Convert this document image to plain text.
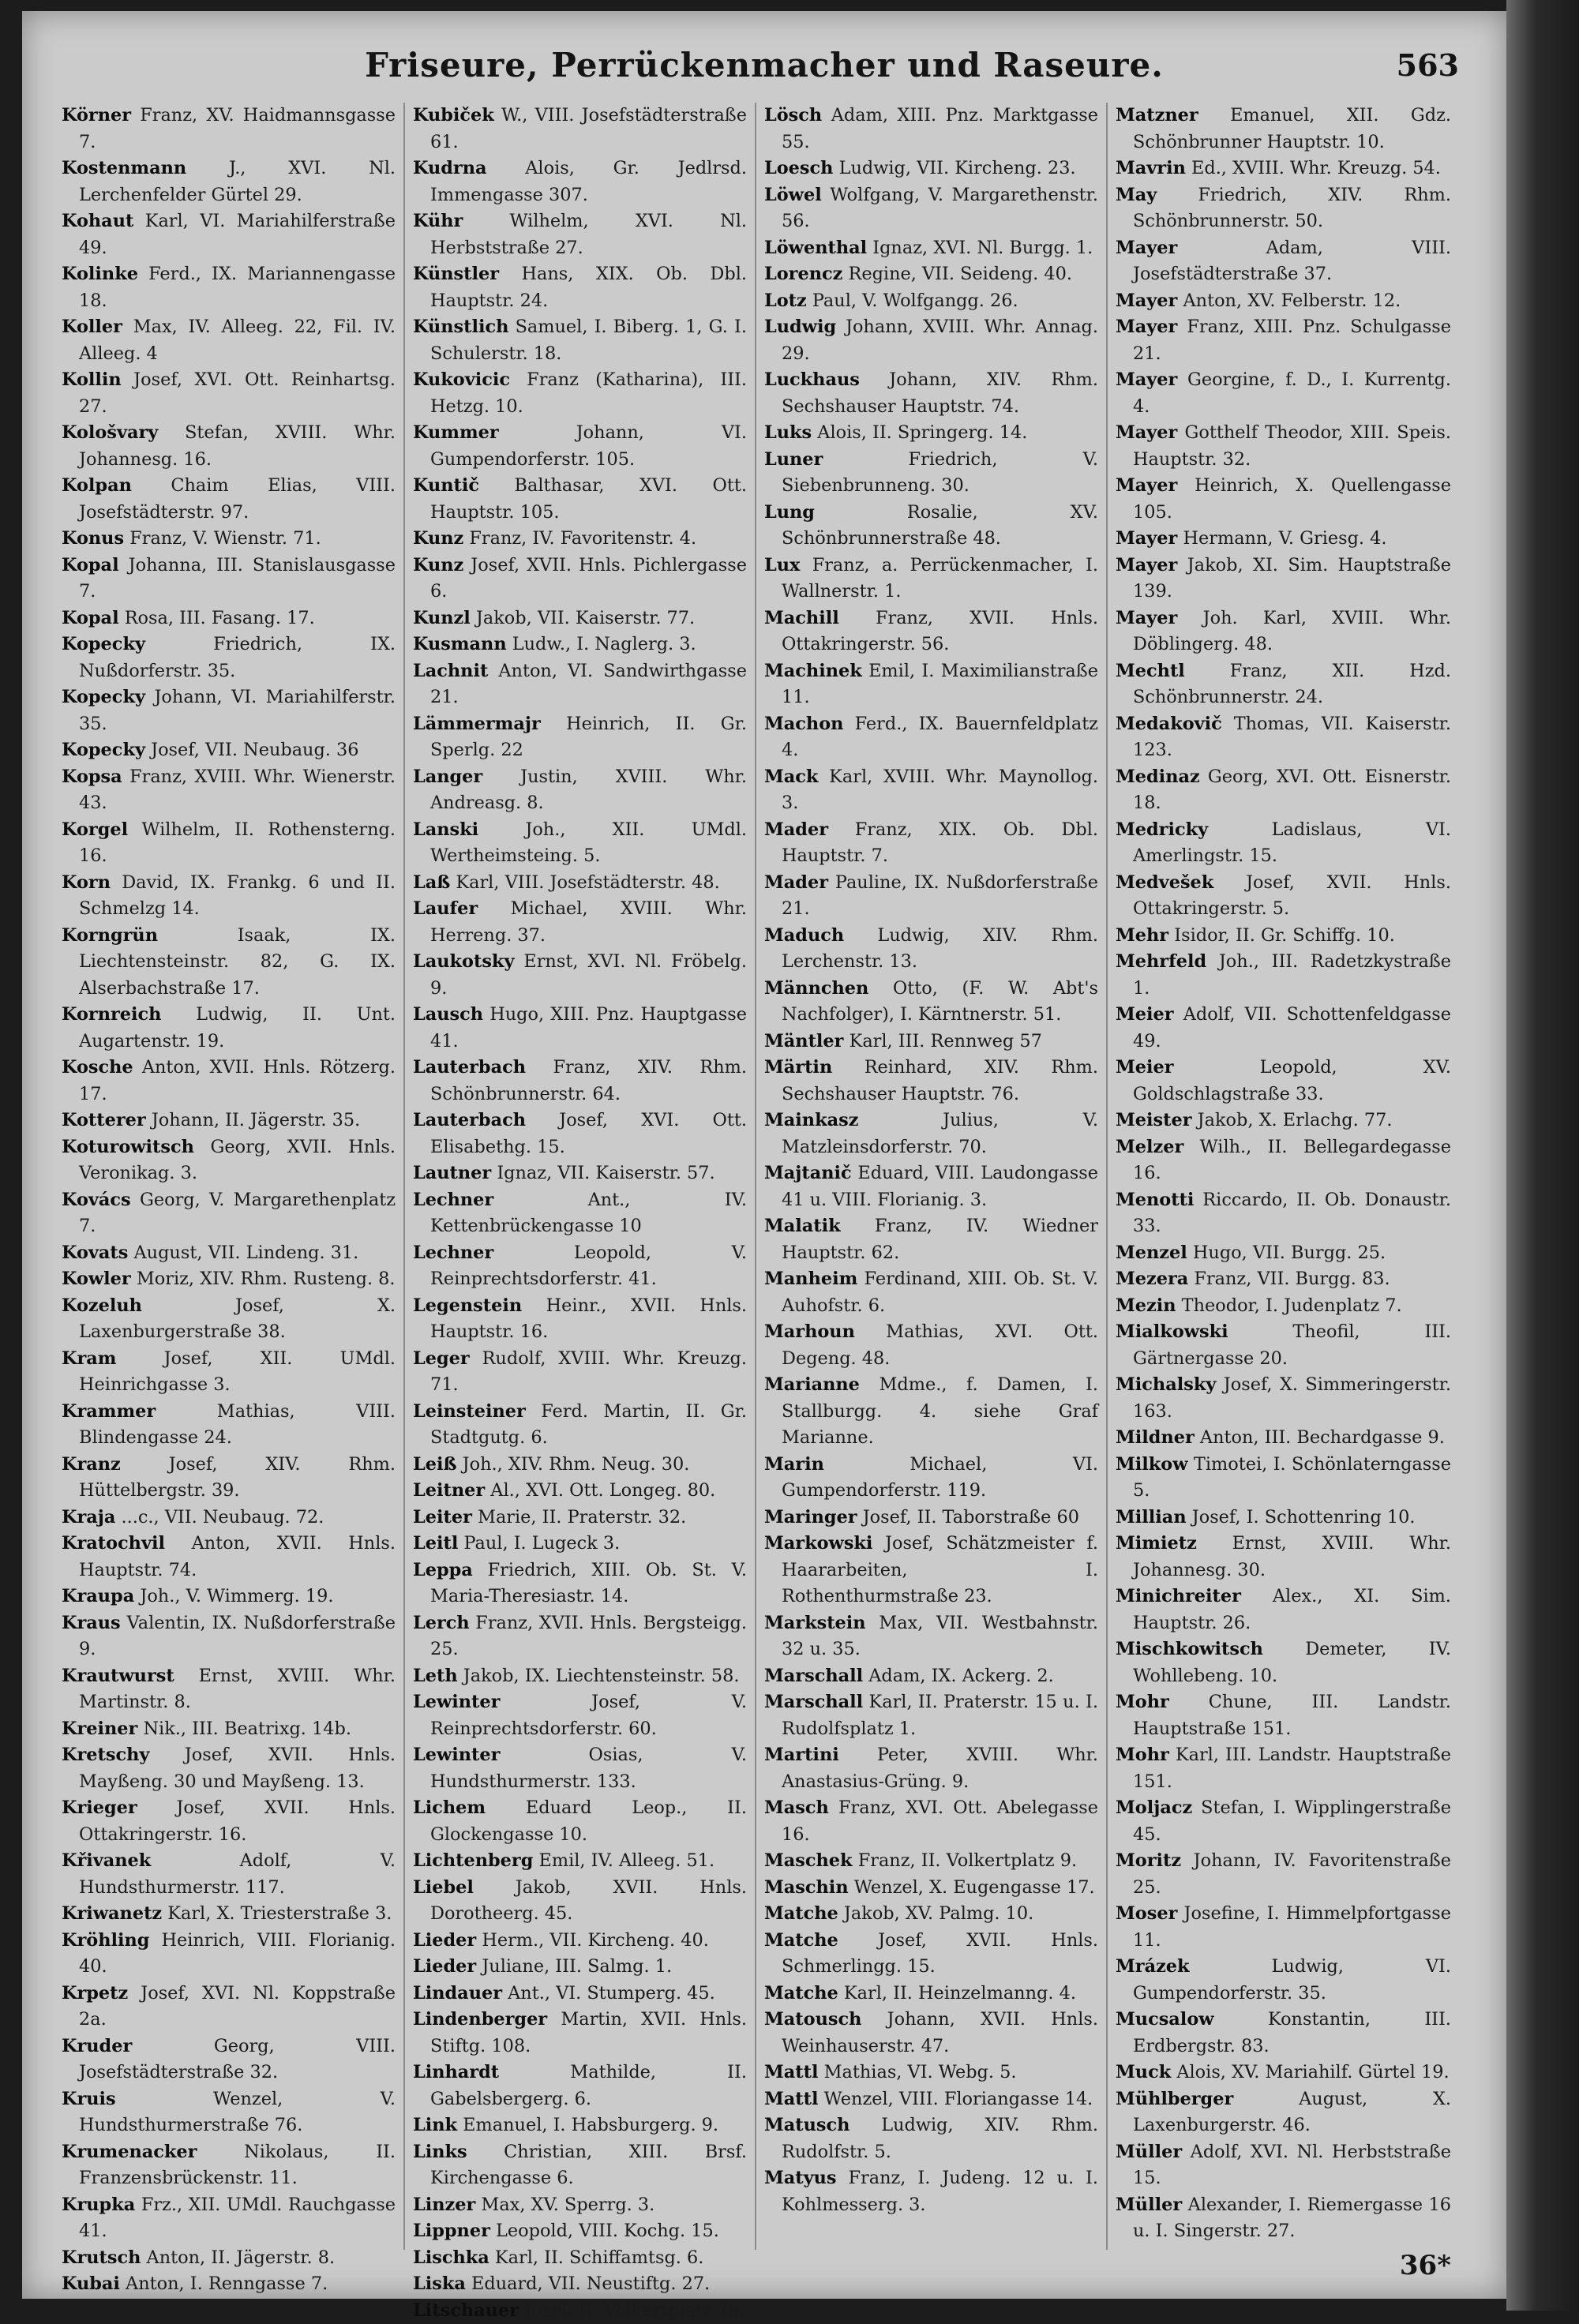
Friseure, Perrückenmacher und Raseure.	563

Körner Franz, XV. Haidmannsgasse 7.

Kostenmann J., XVI. Nl. Lerchenfelder Gürtel 29.

Kohaut Karl, VI. Mariahilferstraße 49.

Kolinke Ferd., IX. Mariannengasse 18.

Koller Max, IV. Alleeg. 22, Fil. IV. Alleeg. 4

Kollin Josef, XVI. Ott. Reinhartsg. 27.

Kološvary Stefan, XVIII. Whr. Johannesg. 16.

Kolpan Chaim Elias, VIII. Josefstädterstr. 97.

Konus Franz, V. Wienstr. 71.

Kopal Johanna, III. Stanislausgasse 7.

Kopal Rosa, III. Fasang. 17.

Kopecky	Friedrich, IX. Nußdorferstr. 35.

Kopecky Johann, VI. Mariahilferstr. 35.

Kopecky Josef, VII. Neubaug. 36

Kopsa Franz, XVIII. Whr. Wienerstr. 43.

Korgel Wilhelm, II. Rothensterng. 16.

Korn David, IX. Frankg. 6 und II. Schmelzg 14.

Korngrün	Isaak, IX. Liechtensteinstr. 82, G. IX. Alserbachstraße 17.

Kornreich Ludwig, II. Unt. Augartenstr. 19.

Kosche Anton, XVII. Hnls. Rötzerg. 17.

Kotterer Johann, II. Jägerstr. 35.

Koturowitsch Georg, XVII. Hnls. Veronikag. 3.

Kovács Georg, V. Margarethenplatz 7.

Kovats August, VII. Lindeng. 31.

Kowler Moriz, XIV. Rhm. Rusteng. 8.

Kozeluh	Josef, X. Laxenburgerstraße 38.

Kram	Josef, XII. UMdl. Heinrichgasse 3.

Krammer	Mathias, VIII. Blindengasse 24.

Kranz	Josef, XIV. Rhm. Hüttelbergstr. 39.

Kraja ...c., VII. Neubaug. 72.

Kratochvil Anton, XVII. Hnls. Hauptstr. 74.

Kraupa Joh., V. Wimmerg. 19.

Kraus Valentin, IX. Nußdorferstraße 9.

Krautwurst Ernst, XVIII. Whr. Martinstr. 8.

Kreiner Nik., III. Beatrixg. 14b.

Kretschy Josef, XVII. Hnls. Mayßeng. 30 und Mayßeng. 13.

Krieger Josef, XVII. Hnls. Ottakringerstr. 16.

Křivanek	Adolf, V. Hundsthurmerstr. 117.

Kriwanetz Karl, X. Triesterstraße 3.

Kröhling Heinrich, VIII. Florianig. 40.

Krpetz Josef, XVI. Nl. Koppstraße 2a.

Kruder	Georg, VIII. Josefstädterstraße 32.

Kruis	Wenzel, V. Hundsthurmerstraße 76.

Krumenacker	Nikolaus, II. Franzensbrückenstr. 11.

Krupka Frz., XII. UMdl. Rauchgasse 41.

Krutsch Anton, II. Jägerstr. 8.

Kubai Anton, I. Renngasse 7.

Kubiček W., VIII. Josefstädterstraße 61.

Kudrna Alois, Gr. Jedlrsd. Immengasse 307.

Kühr	Wilhelm, XVI. Nl. Herbststraße 27.

Künstler Hans, XIX. Ob. Dbl. Hauptstr. 24.

Künstlich Samuel, I. Biberg. 1, G. I. Schulerstr. 18.

Kukovicic Franz (Katharina), III. Hetzg. 10.

Kummer	Johann, VI. Gumpendorferstr. 105.

Kuntič Balthasar, XVI. Ott. Hauptstr. 105.

Kunz Franz, IV. Favoritenstr. 4.

Kunz Josef, XVII. Hnls. Pichlergasse 6.

Kunzl Jakob, VII. Kaiserstr. 77.

Kusmann Ludw., I. Naglerg. 3.

Lachnit Anton, VI. Sandwirthgasse 21.

Lämmermajr Heinrich, II. Gr. Sperlg. 22

Langer Justin, XVIII. Whr. Andreasg. 8.

Lanski	Joh., XII. UMdl. Wertheimsteing. 5.

Laß Karl, VIII. Josefstädterstr. 48.

Laufer Michael, XVIII. Whr. Herreng. 37.

Laukotsky Ernst, XVI. Nl. Fröbelg. 9.

Lausch Hugo, XIII. Pnz. Hauptgasse 41.

Lauterbach Franz, XIV. Rhm. Schönbrunnerstr. 64.

Lauterbach Josef, XVI. Ott. Elisabethg. 15.

Lautner Ignaz, VII. Kaiserstr. 57.

Lechner	Ant., IV. Kettenbrückengasse 10

Lechner	Leopold, V. Reinprechtsdorferstr. 41.

Legenstein Heinr., XVII. Hnls. Hauptstr. 16.

Leger Rudolf, XVIII. Whr. Kreuzg. 71.

Leinsteiner Ferd. Martin, II. Gr. Stadtgutg. 6.

Leiß Joh., XIV. Rhm. Neug. 30.

Leitner Al., XVI. Ott. Longeg. 80.

Leiter Marie, II. Praterstr. 32.

Leitl Paul, I. Lugeck 3.

Leppa Friedrich, XIII. Ob. St. V. Maria-Theresiastr. 14.

Lerch Franz, XVII. Hnls. Bergsteigg. 25.

Leth Jakob, IX. Liechtensteinstr. 58.

Lewinter	Josef, V. Reinprechtsdorferstr. 60.

Lewinter	Osias, V. Hundsthurmerstr. 133.

Lichem Eduard Leop., II. Glockengasse 10.

Lichtenberg Emil, IV. Alleeg. 51.

Liebel Jakob, XVII. Hnls. Dorotheerg. 45.

Lieder Herm., VII. Kircheng. 40.

Lieder Juliane, III. Salmg. 1.

Lindauer Ant., VI. Stumperg. 45.

Lindenberger Martin, XVII. Hnls. Stiftg. 108.

Linhardt	Mathilde, II. Gabelsbergerg. 6.

Link Emanuel, I. Habsburgerg. 9.

Links Christian, XIII. Brsf. Kirchengasse 6.

Linzer Max, XV. Sperrg. 3.

Lippner Leopold, VIII. Kochg. 15.

Lischka Karl, II. Schiffamtsg. 6.

Liska Eduard, VII. Neustiftg. 27.

Litschauer Josef, II. Volkertplatz 7a.

Lösch Adam, XIII. Pnz. Marktgasse 55.

Loesch Ludwig, VII. Kircheng. 23.

Löwel Wolfgang, V. Margarethenstr. 56.

Löwenthal Ignaz, XVI. Nl. Burgg. 1.

Lorencz Regine, VII. Seideng. 40.

Lotz Paul, V. Wolfgangg. 26.

Ludwig Johann, XVIII. Whr. Annag. 29.

Luckhaus Johann, XIV. Rhm. Sechshauser Hauptstr. 74.

Luks Alois, II. Springerg. 14.

Luner	Friedrich, V. Siebenbrunneng. 30.

Lung	Rosalie, XV. Schönbrunnerstraße 48.

Lux Franz, a. Perrückenmacher, I. Wallnerstr. 1.

Machill Franz, XVII. Hnls. Ottakringerstr. 56.

Machinek Emil, I. Maximilianstraße 11.

Machon Ferd., IX. Bauernfeldplatz 4.

Mack Karl, XVIII. Whr. Maynollog. 3.

Mader Franz, XIX. Ob. Dbl. Hauptstr. 7.

Mader Pauline, IX. Nußdorferstraße 21.

Maduch Ludwig, XIV. Rhm. Lerchenstr. 13.

Männchen Otto, (F. W. Abt's Nachfolger), I. Kärntnerstr. 51.

Mäntler Karl, III. Rennweg 57

Märtin Reinhard, XIV. Rhm. Sechshauser Hauptstr. 76.

Mainkasz	Julius, V. Matzleinsdorferstr. 70.

Majtanič Eduard, VIII. Laudongasse 41 u. VIII. Florianig. 3.

Malatik Franz, IV. Wiedner Hauptstr. 62.

Manheim Ferdinand, XIII. Ob. St. V. Auhofstr. 6.

Marhoun Mathias, XVI. Ott. Degeng. 48.

Marianne Mdme., f. Damen, I. Stallburgg. 4. siehe Graf Marianne.

Marin	Michael, VI. Gumpendorferstr. 119.

Maringer Josef, II. Taborstraße 60

Markowski Josef, Schätzmeister f. Haararbeiten, I. Rothenthurmstraße 23.

Markstein Max, VII. Westbahnstr. 32 u. 35.

Marschall Adam, IX. Ackerg. 2.

Marschall Karl, II. Praterstr. 15 u. I. Rudolfsplatz 1.

Martini Peter, XVIII. Whr. Anastasius-Grüng. 9.

Masch Franz, XVI. Ott. Abelegasse 16.

Maschek Franz, II. Volkertplatz 9.

Maschin Wenzel, X. Eugengasse 17.

Matche Jakob, XV. Palmg. 10.

Matche Josef, XVII. Hnls. Schmerlingg. 15.

Matche Karl, II. Heinzelmanng. 4.

Matousch Johann, XVII. Hnls. Weinhauserstr. 47.

Mattl Mathias, VI. Webg. 5.

Mattl Wenzel, VIII. Floriangasse 14.

Matusch Ludwig, XIV. Rhm. Rudolfstr. 5.

Matyus Franz, I. Judeng. 12 u. I. Kohlmesserg. 3.

Matzner Emanuel, XII. Gdz. Schönbrunner Hauptstr. 10.

Mavrin Ed., XVIII. Whr. Kreuzg. 54.

May Friedrich, XIV. Rhm. Schönbrunnerstr. 50.

Mayer	Adam, VIII. Josefstädterstraße 37.

Mayer Anton, XV. Felberstr. 12.

Mayer Franz, XIII. Pnz. Schulgasse 21.

Mayer Georgine, f. D., I. Kurrentg. 4.

Mayer Gotthelf Theodor, XIII. Speis. Hauptstr. 32.

Mayer Heinrich, X. Quellengasse 105.

Mayer Hermann, V. Griesg. 4.

Mayer Jakob, XI. Sim. Hauptstraße 139.

Mayer Joh. Karl, XVIII. Whr. Döblingerg. 48.

Mechtl	Franz, XII. Hzd. Schönbrunnerstr. 24.

Medakovič Thomas, VII. Kaiserstr. 123.

Medinaz Georg, XVI. Ott. Eisnerstr. 18.

Medricky	Ladislaus, VI. Amerlingstr. 15.

Medvešek Josef, XVII. Hnls. Ottakringerstr. 5.

Mehr Isidor, II. Gr. Schiffg. 10.

Mehrfeld Joh., III. Radetzkystraße 1.

Meier Adolf, VII. Schottenfeldgasse 49.

Meier	Leopold, XV. Goldschlagstraße 33.

Meister Jakob, X. Erlachg. 77.

Melzer Wilh., II. Bellegardegasse 16.

Menotti Riccardo, II. Ob. Donaustr. 33.

Menzel Hugo, VII. Burgg. 25.

Mezera Franz, VII. Burgg. 83.

Mezin Theodor, I. Judenplatz 7.

Mialkowski	Theofil, III. Gärtnergasse 20.

Michalsky Josef, X. Simmeringerstr. 163.

Mildner Anton, III. Bechardgasse 9.

Milkow Timotei, I. Schönlaterngasse 5.

Millian Josef, I. Schottenring 10.

Mimietz Ernst, XVIII. Whr. Johannesg. 30.

Minichreiter Alex., XI. Sim. Hauptstr. 26.

Mischkowitsch Demeter, IV. Wohllebeng. 10.

Mohr Chune, III. Landstr. Hauptstraße 151.

Mohr Karl, III. Landstr. Hauptstraße 151.

Moljacz Stefan, I. Wipplingerstraße 45.

Moritz Johann, IV. Favoritenstraße 25.

Moser Josefine, I. Himmelpfortgasse 11.

Mrázek	Ludwig, VI. Gumpendorferstr. 35.

Mucsalow	Konstantin, III. Erdbergstr. 83.

Muck Alois, XV. Mariahilf. Gürtel 19.

Mühlberger	August, X. Laxenburgerstr. 46.

Müller Adolf, XVI. Nl. Herbststraße 15.

Müller Alexander, I. Riemergasse 16 u. I. Singerstr. 27.

36*
